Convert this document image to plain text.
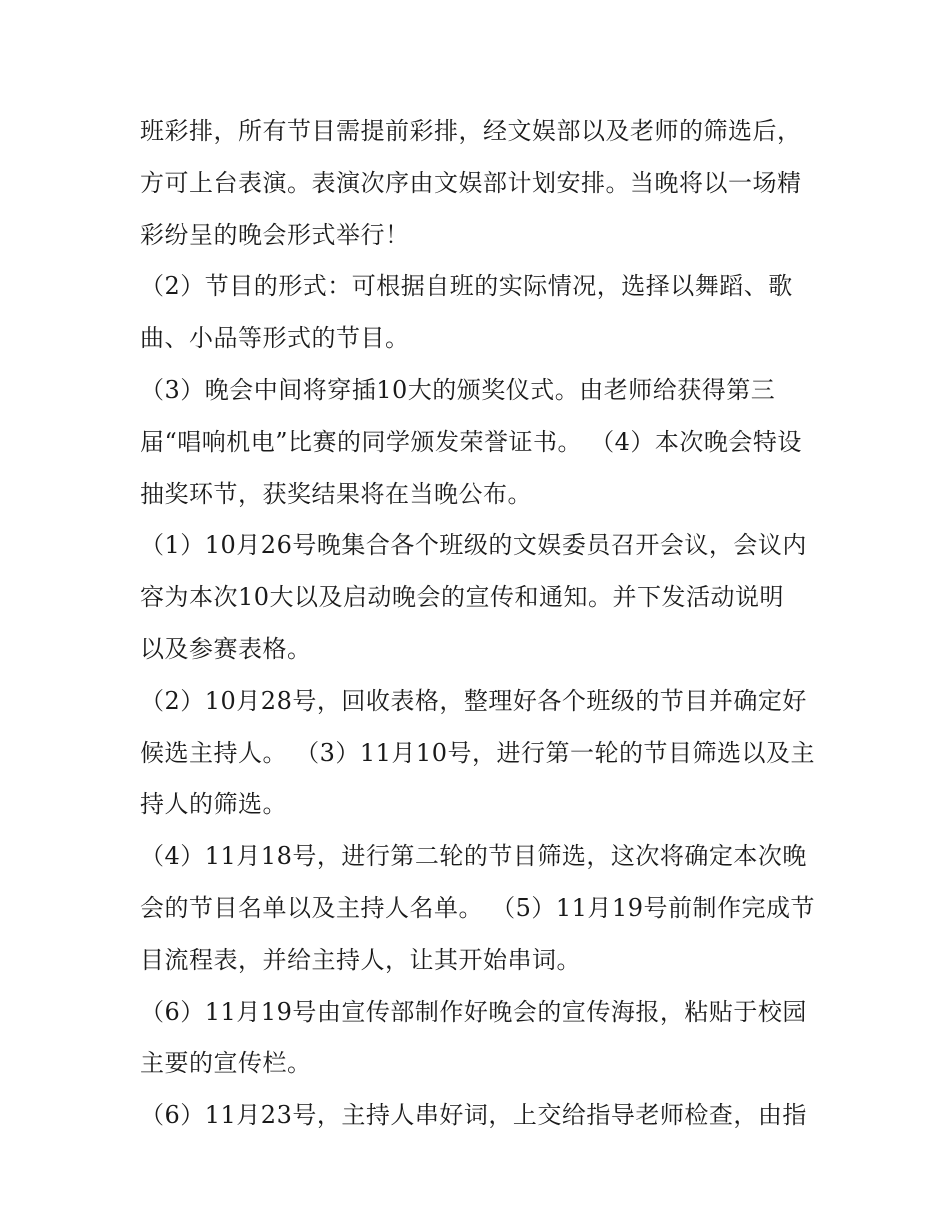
班彩排，所有节目需提前彩排，经文娱部以及老师的筛选后，
方可上台表演。表演次序由文娱部计划安排。当晚将以一场精
彩纷呈的晚会形式举行！
（2）节目的形式：可根据自班的实际情况，选择以舞蹈、歌
曲、小品等形式的节目。
（3）晚会中间将穿插10大的颁奖仪式。由老师给获得第三
届“唱响机电”比赛的同学颁发荣誉证书。 （4）本次晚会特设
抽奖环节，获奖结果将在当晚公布。
（1）10月26号晚集合各个班级的文娱委员召开会议，会议内
容为本次10大以及启动晚会的宣传和通知。并下发活动说明
以及参赛表格。
（2）10月28号，回收表格，整理好各个班级的节目并确定好
候选主持人。 （3）11月10号，进行第一轮的节目筛选以及主
持人的筛选。
（4）11月18号，进行第二轮的节目筛选，这次将确定本次晚
会的节目名单以及主持人名单。 （5）11月19号前制作完成节
目流程表，并给主持人，让其开始串词。
（6）11月19号由宣传部制作好晚会的宣传海报，粘贴于校园
主要的宣传栏。
（6）11月23号，主持人串好词，上交给指导老师检查，由指
